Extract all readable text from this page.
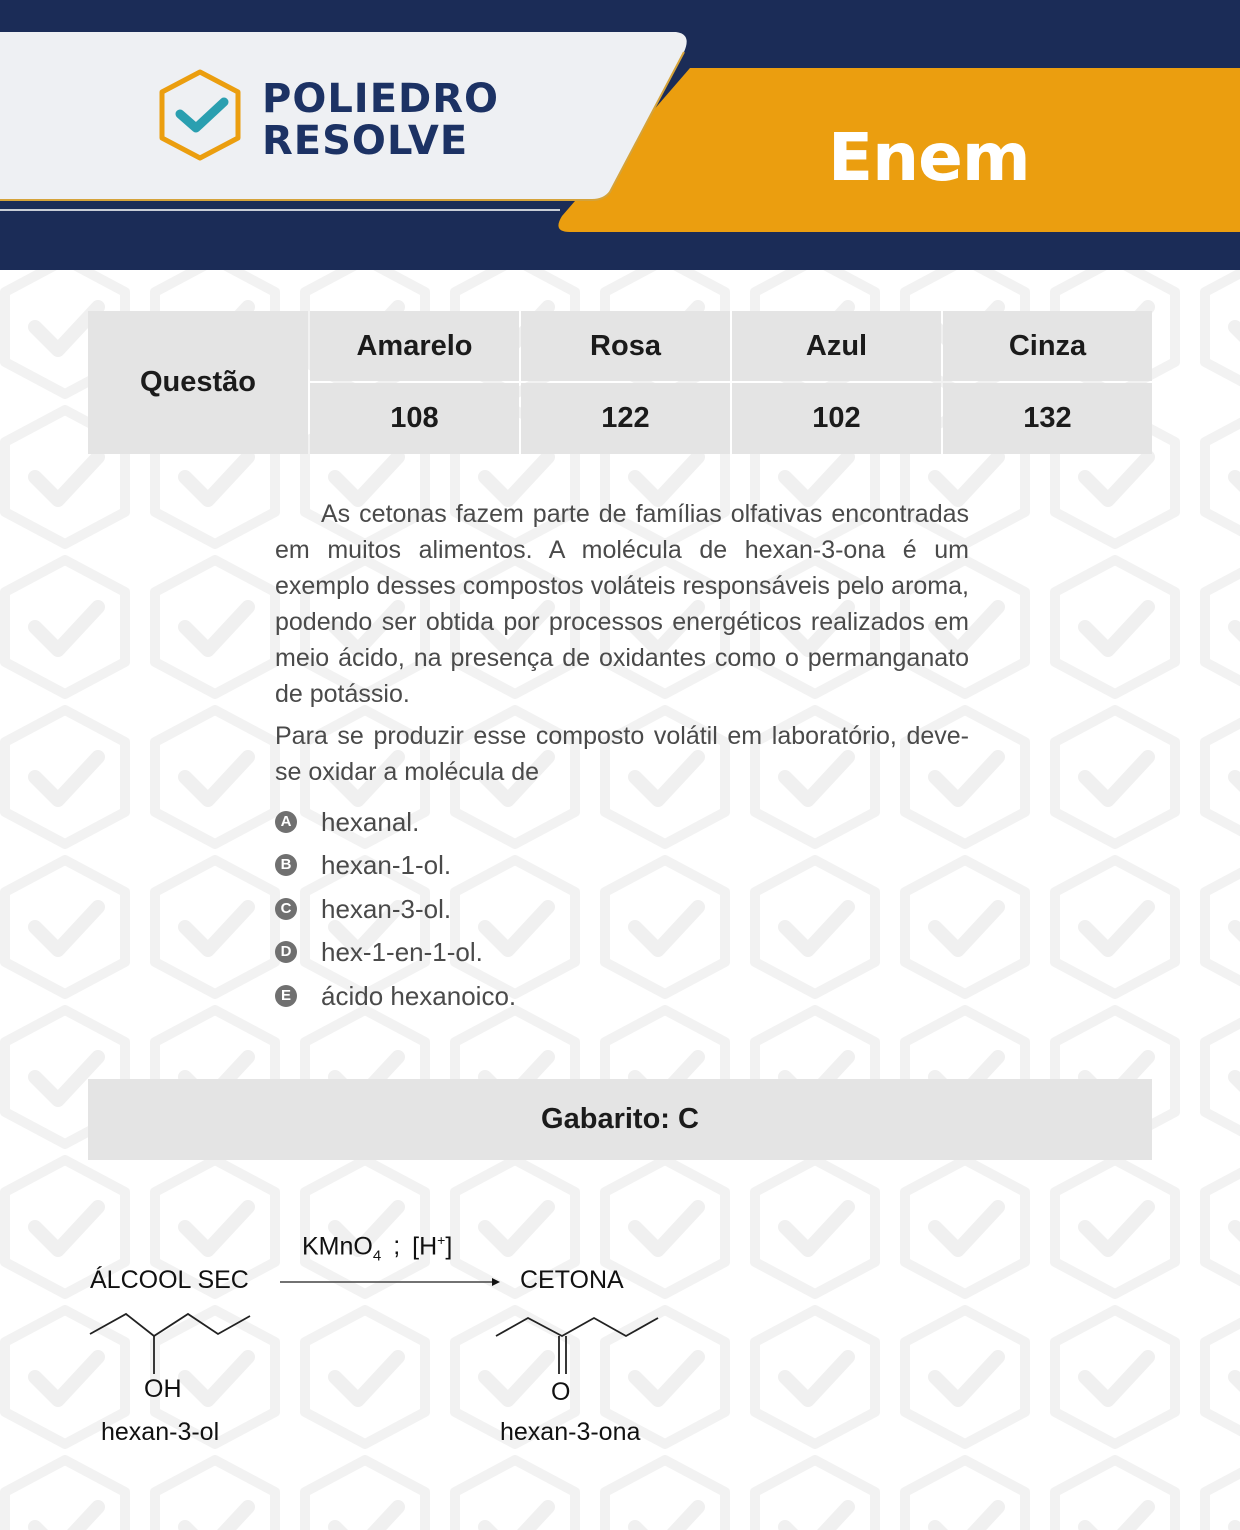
POLIEDRO
RESOLVE	Enem
Questão
Amarelo	Rosa	Azul	Cinza
108	122	102	132

As cetonas fazem parte de famílias olfativas encontradas em muitos alimentos. A molécula de hexan-3-ona é um exemplo desses compostos voláteis responsáveis pelo aroma, podendo ser obtida por processos energéticos realizados em meio ácido, na presença de oxidantes como o permanganato de potássio.

Para se produzir esse composto volátil em laboratório, deve-se oxidar a molécula de

A hexanal.
B hexan-1-ol.
C hexan-3-ol.
D hex-1-en-1-ol.
E ácido hexanoico.
Gabarito: C
KMnO$_4$ ; [H+]
ÁLCOOL SEC	CETONA
OH	O
hexan-3-ol	hexan-3-ona
